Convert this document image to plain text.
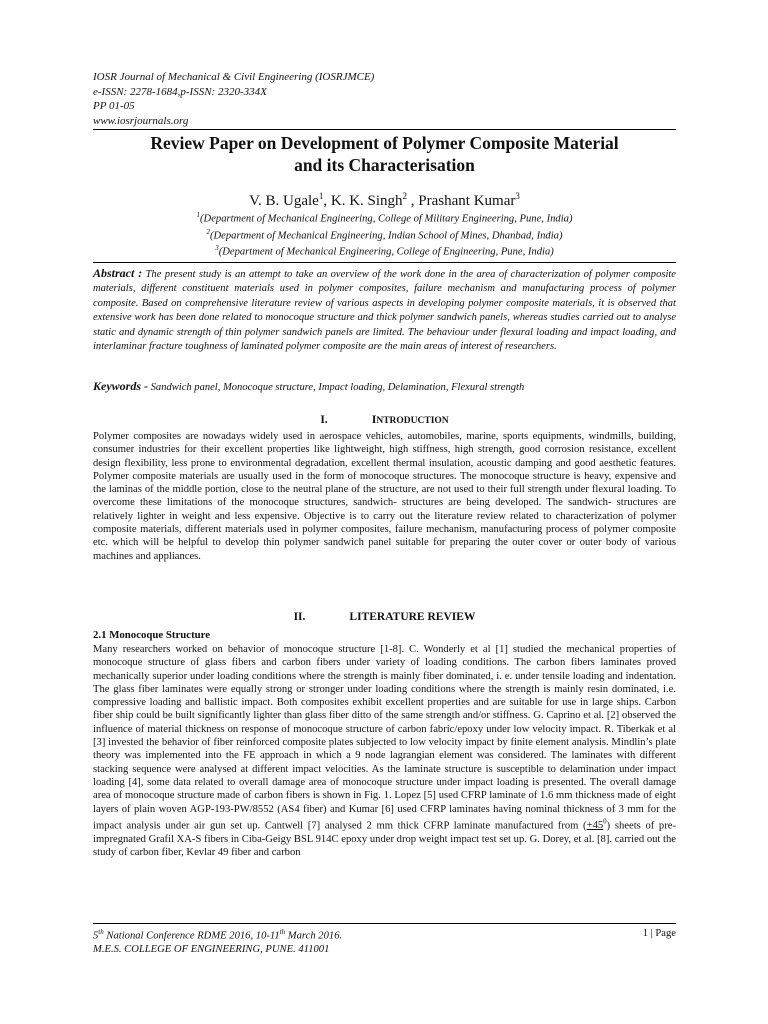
IOSR Journal of Mechanical & Civil Engineering (IOSRJMCE)
e-ISSN: 2278-1684,p-ISSN: 2320-334X
PP 01-05
www.iosrjournals.org
Review Paper on Development of Polymer Composite Material
and its Characterisation
V. B. Ugale$^1$, K. K. Singh$^2$ , Prashant Kumar$^3$
$^1$(Department of Mechanical Engineering, College of Military Engineering, Pune, India)
$^2$(Department of Mechanical Engineering, Indian School of Mines, Dhanbad, India)
$^3$(Department of Mechanical Engineering, College of Engineering, Pune, India)
Abstract : The present study is an attempt to take an overview of the work done in the area of characterization of polymer composite materials, different constituent materials used in polymer composites, failure mechanism and manufacturing process of polymer composite. Based on comprehensive literature review of various aspects in developing polymer composite materials, it is observed that extensive work has been done related to monocoque structure and thick polymer sandwich panels, whereas studies carried out to analyse static and dynamic strength of thin polymer sandwich panels are limited. The behaviour under flexural loading and impact loading, and interlaminar fracture toughness of laminated polymer composite are the main areas of interest of researchers.
Keywords - Sandwich panel, Monocoque structure, Impact loading, Delamination, Flexural strength
I.	INTRODUCTION
Polymer composites are nowadays widely used in aerospace vehicles, automobiles, marine, sports equipments, windmills, building, consumer industries for their excellent properties like lightweight, high stiffness, high strength, good corrosion resistance, excellent design flexibility, less prone to environmental degradation, excellent thermal insulation, acoustic damping and good aesthetic features. Polymer composite materials are usually used in the form of monocoque structures. The monocoque structure is heavy, expensive and the laminas of the middle portion, close to the neutral plane of the structure, are not used to their full strength under flexural loading. To overcome these limitations of the monocoque structures, sandwich- structures are being developed. The sandwich- structures are relatively lighter in weight and less expensive. Objective is to carry out the literature review related to characterization of polymer composite materials, different materials used in polymer composites, failure mechanism, manufacturing process of polymer composite etc. which will be helpful to develop thin polymer sandwich panel suitable for preparing the outer cover or outer body of various machines and appliances.
II.	LITERATURE REVIEW
2.1 Monocoque Structure
Many researchers worked on behavior of monocoque structure [1-8]. C. Wonderly et al [1] studied the mechanical properties of monocoque structure of glass fibers and carbon fibers under variety of loading conditions. The carbon fibers laminates proved mechanically superior under loading conditions where the strength is mainly fiber dominated, i. e. under tensile loading and indentation. The glass fiber laminates were equally strong or stronger under loading conditions where the strength is mainly resin dominated, i.e. compressive loading and ballistic impact. Both composites exhibit excellent properties and are suitable for use in large ships. Carbon fiber ship could be built significantly lighter than glass fiber ditto of the same strength and/or stiffness. G. Caprino et al. [2] observed the influence of material thickness on response of monocoque structure of carbon fabric/epoxy under low velocity impact. R. Tiberkak et al [3] invested the behavior of fiber reinforced composite plates subjected to low velocity impact by finite element analysis. Mindlin’s plate theory was implemented into the FE approach in which a 9 node lagrangian element was considered. The laminates with different stacking sequence were analysed at different impact velocities. As the laminate structure is susceptible to delamination under impact loading [4], some data related to overall damage area of monocoque structure under impact loading is presented. The overall damage area of monocoque structure made of carbon fibers is shown in Fig. 1. Lopez [5] used CFRP laminate of 1.6 mm thickness made of eight layers of plain woven AGP-193-PW/8552 (AS4 fiber) and Kumar [6] used CFRP laminates having nominal thickness of 3 mm for the impact analysis under air gun set up. Cantwell [7] analysed 2 mm thick CFRP laminate manufactured from $(+45^0)$ sheets of pre-impregnated Grafil XA-S fibers in Ciba-Geigy BSL 914C epoxy under drop weight impact test set up. G. Dorey, et al. [8]. carried out the study of carbon fiber, Kevlar 49 fiber and carbon
5th National Conference RDME 2016, 10-11th March 2016.
M.E.S. COLLEGE OF ENGINEERING, PUNE. 411001
1 | Page
